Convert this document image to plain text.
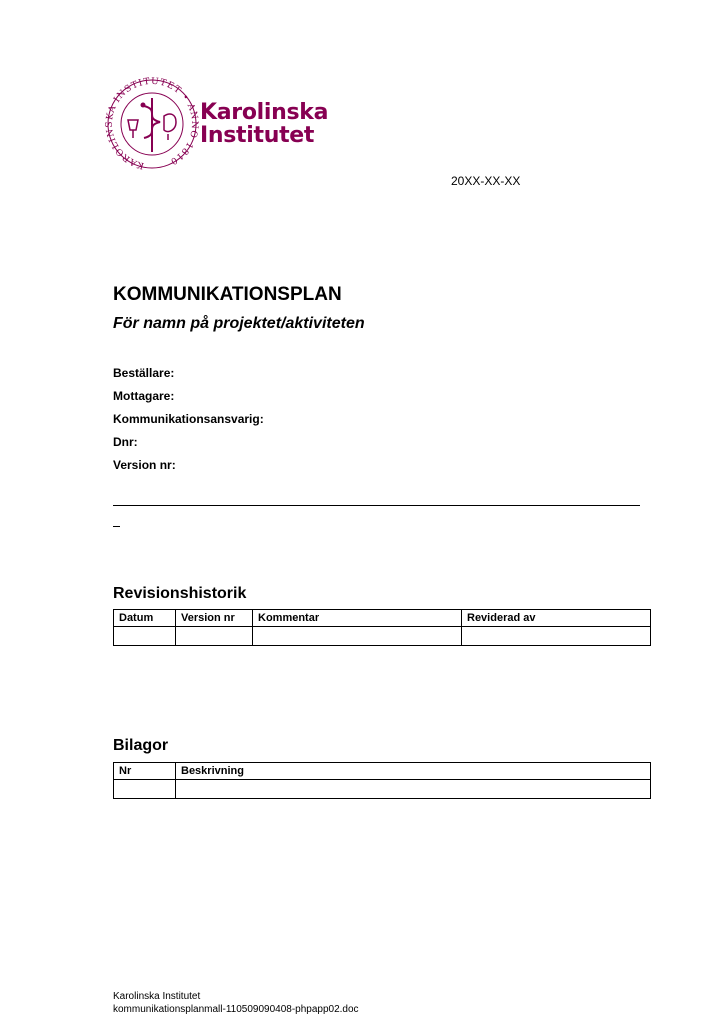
KAROLINSKA INSTITUTET • ANNO 1810
Karolinska
Institutet
20XX-XX-XX
KOMMUNIKATIONSPLAN
För namn på projektet/aktiviteten
Beställare:
Mottagare:
Kommunikationsansvarig:
Dnr:
Version nr:
Revisionshistorik
Datum	Version nr	Kommentar	Reviderad av

Bilagor
Nr	Beskrivning

Karolinska Institutet
kommunikationsplanmall-110509090408-phpapp02.doc
